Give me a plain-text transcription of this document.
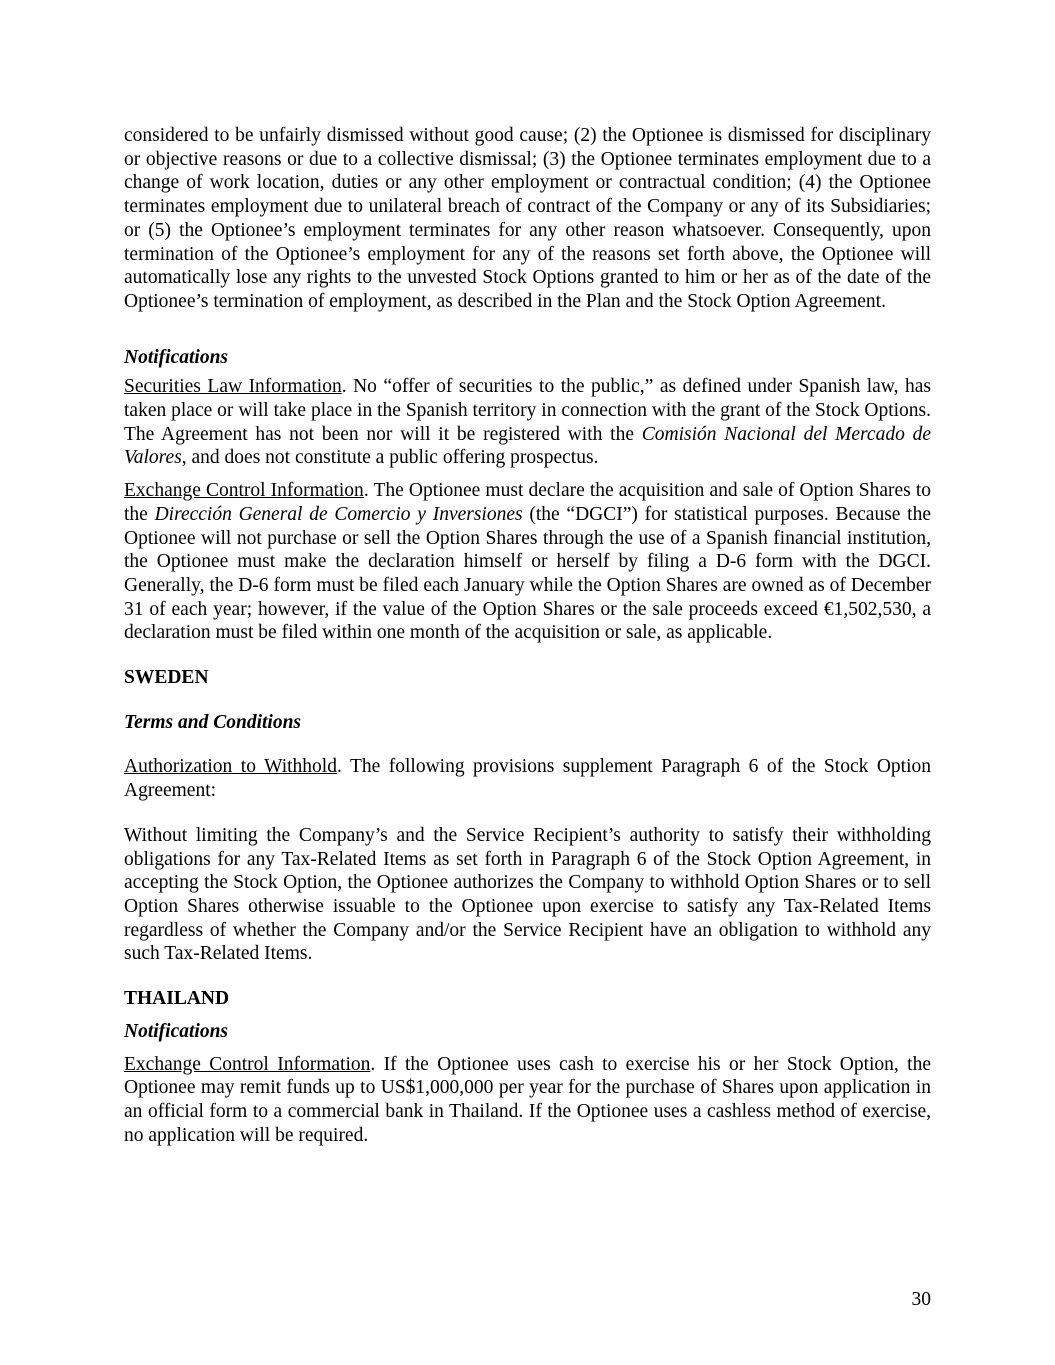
considered to be unfairly dismissed without good cause; (2) the Optionee is dismissed for disciplinary or objective reasons or due to a collective dismissal; (3) the Optionee terminates employment due to a change of work location, duties or any other employment or contractual condition; (4) the Optionee terminates employment due to unilateral breach of contract of the Company or any of its Subsidiaries; or (5) the Optionee’s employment terminates for any other reason whatsoever. Consequently, upon termination of the Optionee’s employment for any of the reasons set forth above, the Optionee will automatically lose any rights to the unvested Stock Options granted to him or her as of the date of the Optionee’s termination of employment, as described in the Plan and the Stock Option Agreement.

Notifications

Securities Law Information. No “offer of securities to the public,” as defined under Spanish law, has taken place or will take place in the Spanish territory in connection with the grant of the Stock Options. The Agreement has not been nor will it be registered with the Comisión Nacional del Mercado de Valores, and does not constitute a public offering prospectus.

Exchange Control Information. The Optionee must declare the acquisition and sale of Option Shares to the Dirección General de Comercio y Inversiones (the “DGCI”) for statistical purposes. Because the Optionee will not purchase or sell the Option Shares through the use of a Spanish financial institution, the Optionee must make the declaration himself or herself by filing a D-6 form with the DGCI. Generally, the D-6 form must be filed each January while the Option Shares are owned as of December 31 of each year; however, if the value of the Option Shares or the sale proceeds exceed €1,502,530, a declaration must be filed within one month of the acquisition or sale, as applicable.

SWEDEN

Terms and Conditions

Authorization to Withhold. The following provisions supplement Paragraph 6 of the Stock Option Agreement:

Without limiting the Company’s and the Service Recipient’s authority to satisfy their withholding obligations for any Tax-Related Items as set forth in Paragraph 6 of the Stock Option Agreement, in accepting the Stock Option, the Optionee authorizes the Company to withhold Option Shares or to sell Option Shares otherwise issuable to the Optionee upon exercise to satisfy any Tax-Related Items regardless of whether the Company and/or the Service Recipient have an obligation to withhold any such Tax-Related Items.

THAILAND

Notifications

Exchange Control Information. If the Optionee uses cash to exercise his or her Stock Option, the Optionee may remit funds up to US$1,000,000 per year for the purchase of Shares upon application in an official form to a commercial bank in Thailand. If the Optionee uses a cashless method of exercise, no application will be required.

30
